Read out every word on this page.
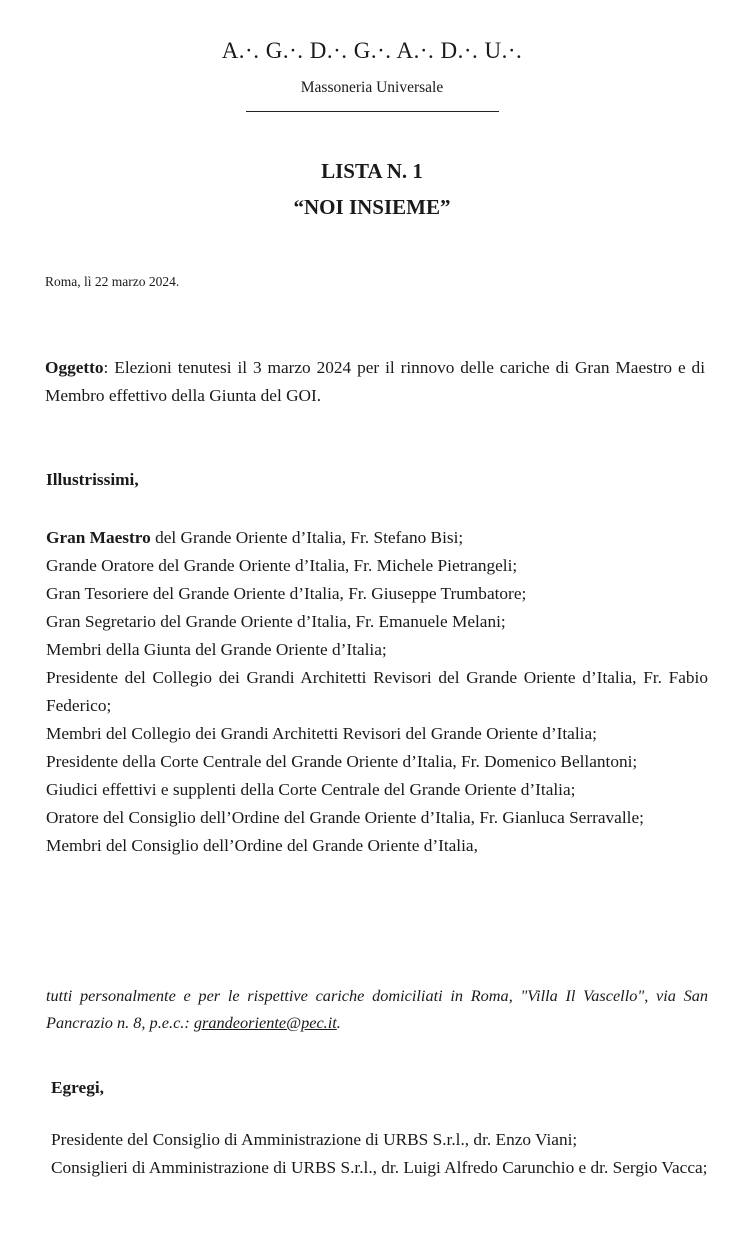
A.·. G.·. D.·. G.·. A.·. D.·. U.·.
Massoneria Universale
LISTA N. 1
“NOI INSIEME”
Roma, lì 22 marzo 2024.
Oggetto: Elezioni tenutesi il 3 marzo 2024 per il rinnovo delle cariche di Gran Maestro e di Membro effettivo della Giunta del GOI.
Illustrissimi,
Gran Maestro del Grande Oriente d’Italia, Fr. Stefano Bisi;
Grande Oratore del Grande Oriente d’Italia, Fr. Michele Pietrangeli;
Gran Tesoriere del Grande Oriente d’Italia, Fr. Giuseppe Trumbatore;
Gran Segretario del Grande Oriente d’Italia, Fr. Emanuele Melani;
Membri della Giunta del Grande Oriente d’Italia;
Presidente del Collegio dei Grandi Architetti Revisori del Grande Oriente d’Italia, Fr. Fabio Federico;
Membri del Collegio dei Grandi Architetti Revisori del Grande Oriente d’Italia;
Presidente della Corte Centrale del Grande Oriente d’Italia, Fr. Domenico Bellantoni;
Giudici effettivi e supplenti della Corte Centrale del Grande Oriente d’Italia;
Oratore del Consiglio dell’Ordine del Grande Oriente d’Italia, Fr. Gianluca Serravalle;
Membri del Consiglio dell’Ordine del Grande Oriente d’Italia,
tutti personalmente e per le rispettive cariche domiciliati in Roma, "Villa Il Vascello", via San Pancrazio n. 8, p.e.c.: grandeoriente@pec.it.
Egregi,
Presidente del Consiglio di Amministrazione di URBS S.r.l., dr. Enzo Viani;
Consiglieri di Amministrazione di URBS S.r.l., dr. Luigi Alfredo Carunchio e dr. Sergio Vacca;
